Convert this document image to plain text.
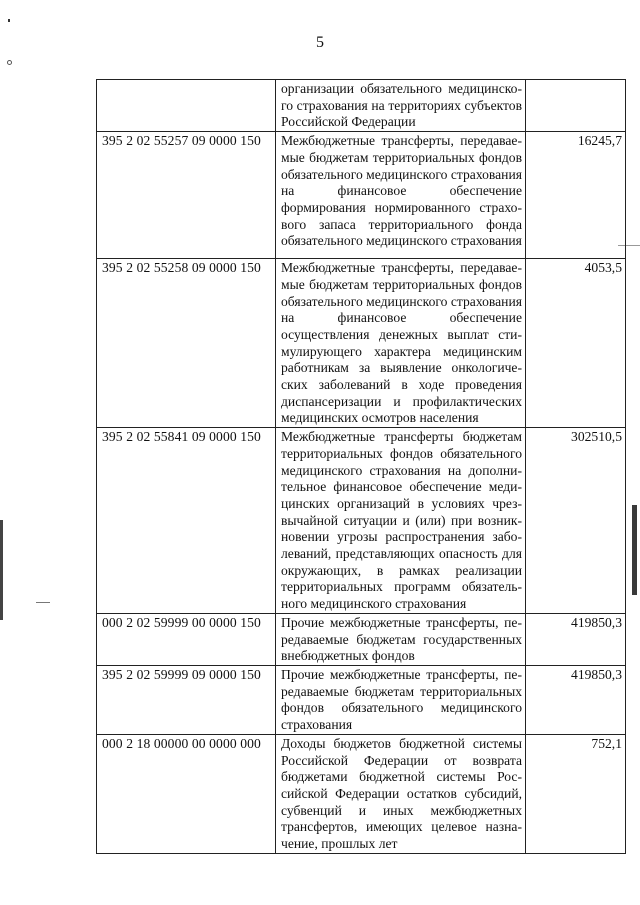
5
	организации обязательного медицинского страхования на территориях субъектов Российской Федерации	
395 2 02 55257 09 0000 150	Межбюджетные трансферты, передаваемые бюджетам территориальных фондов обязательного медицинского страхования на финансовое обеспечение формирования нормированного страхового запаса территориального фонда обязательного медицинского страхования	16245,7
395 2 02 55258 09 0000 150	Межбюджетные трансферты, передаваемые бюджетам территориальных фондов обязательного медицинского страхования на финансовое обеспечение осуществления денежных выплат стимулирующего характера медицинским работникам за выявление онкологических заболеваний в ходе проведения диспансеризации и профилактических медицинских осмотров населения	4053,5
395 2 02 55841 09 0000 150	Межбюджетные трансферты бюджетам территориальных фондов обязательного медицинского страхования на дополнительное финансовое обеспечение медицинских организаций в условиях чрезвычайной ситуации и (или) при возникновении угрозы распространения заболеваний, представляющих опасность для окружающих, в рамках реализации территориальных программ обязательного медицинского страхования	302510,5
000 2 02 59999 00 0000 150	Прочие межбюджетные трансферты, передаваемые бюджетам государственных внебюджетных фондов	419850,3
395 2 02 59999 09 0000 150	Прочие межбюджетные трансферты, передаваемые бюджетам территориальных фондов обязательного медицинского страхования	419850,3
000 2 18 00000 00 0000 000	Доходы бюджетов бюджетной системы Российской Федерации от возврата бюджетами бюджетной системы Российской Федерации остатков субсидий, субвенций и иных межбюджетных трансфертов, имеющих целевое назначение, прошлых лет	752,1
